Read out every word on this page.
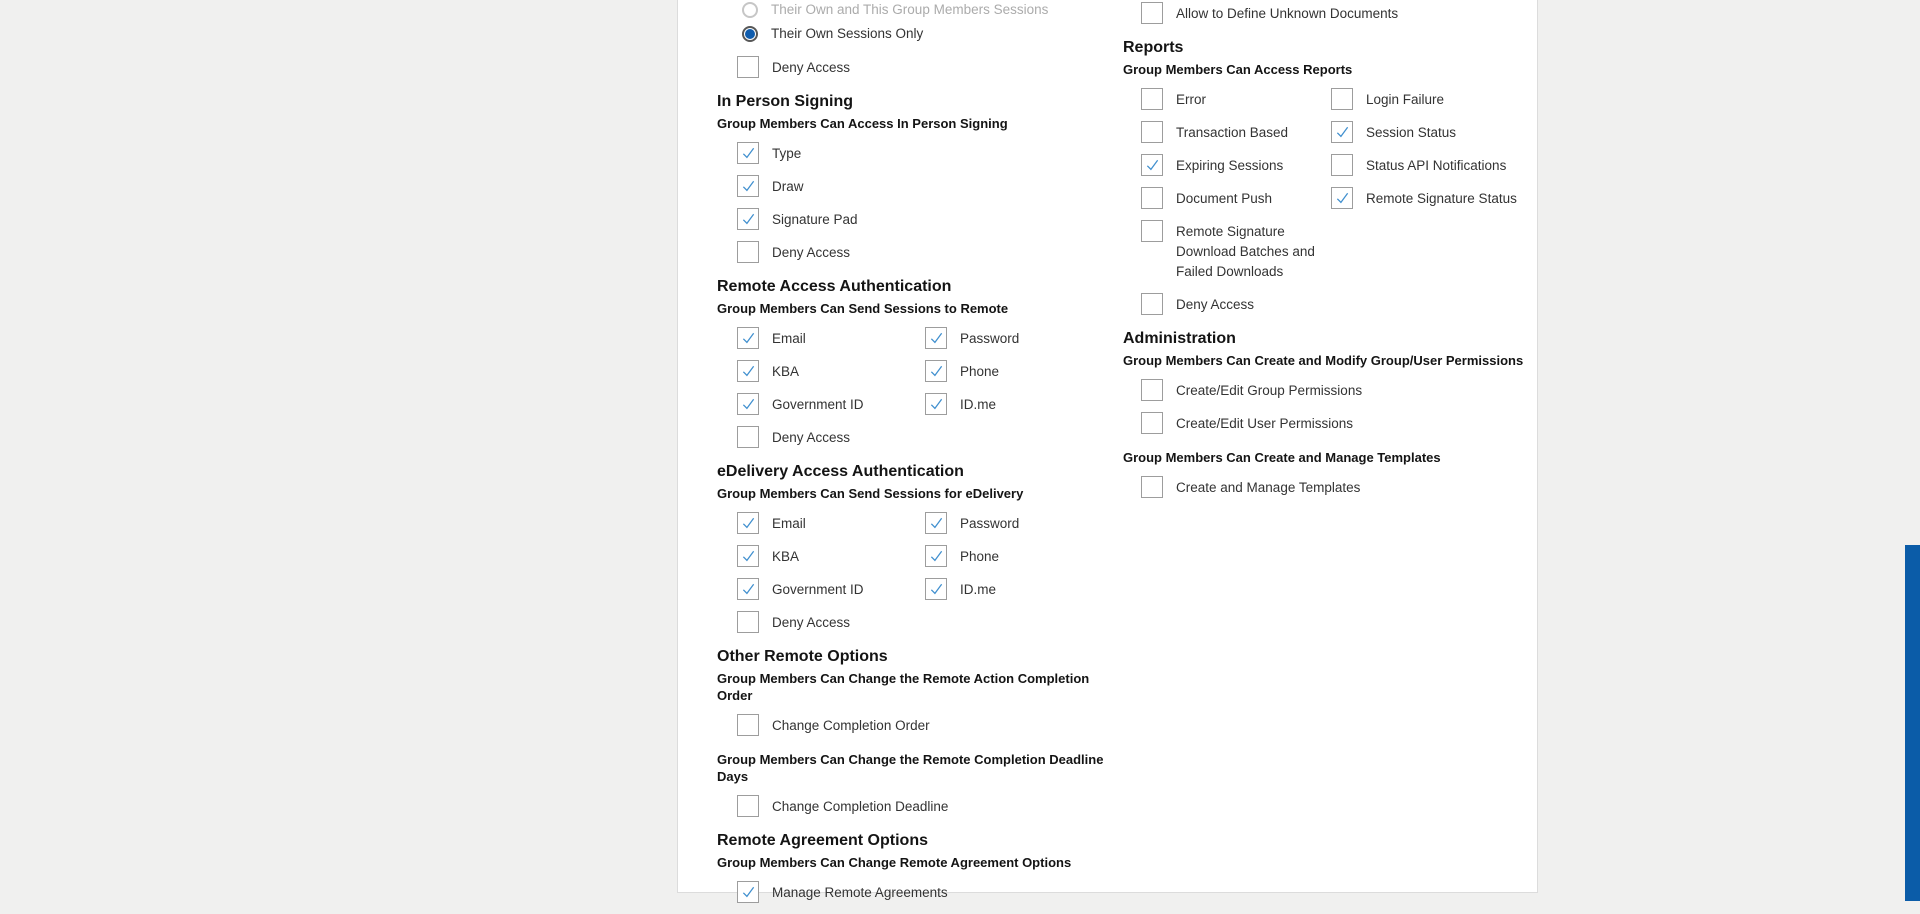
Their Own and This Group Members Sessions
Their Own Sessions Only
Deny Access
In Person Signing
Group Members Can Access In Person Signing
Type
Draw
Signature Pad
Deny Access
Remote Access Authentication
Group Members Can Send Sessions to Remote
Email	Password
KBA	Phone
Government ID	ID.me
Deny Access
eDelivery Access Authentication
Group Members Can Send Sessions for eDelivery
Email	Password
KBA	Phone
Government ID	ID.me
Deny Access
Other Remote Options
Group Members Can Change the Remote Action Completion Order
Change Completion Order
Group Members Can Change the Remote Completion Deadline Days
Change Completion Deadline
Remote Agreement Options
Group Members Can Change Remote Agreement Options
Manage Remote Agreements
Allow to Define Unknown Documents
Reports
Group Members Can Access Reports
Error	Login Failure
Transaction Based	Session Status
Expiring Sessions	Status API Notifications
Document Push	Remote Signature Status
Remote Signature Download Batches and Failed Downloads
Deny Access
Administration
Group Members Can Create and Modify Group/User Permissions
Create/Edit Group Permissions
Create/Edit User Permissions
Group Members Can Create and Manage Templates
Create and Manage Templates
